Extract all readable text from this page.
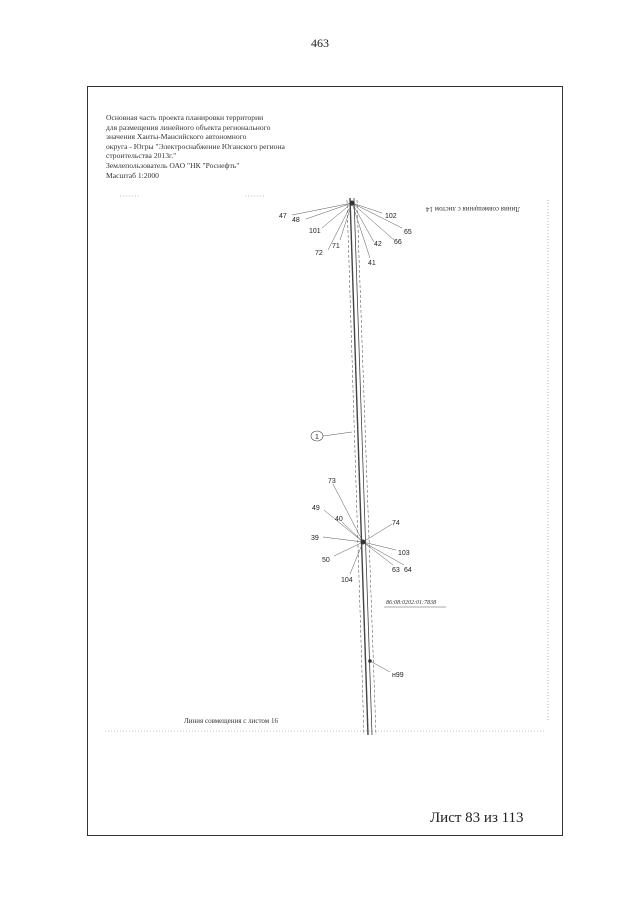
463
Основная часть проекта планировки территории
для размещения линейного объекта регионального
значения Ханты-Мансийского автономного
округа - Югры "Электроснабжение Юганского региона
строительства 2013г."
Землепользователь ОАО "НК "Роснефть"
Масштаб 1:2000
47
48
101
72
71
102
65
66
42
41
Линия совмещения с листом 14
1
73
49
40
39
50
104
74
103
63 64
86:08:0202:01:7838
н99
Линия совмещения с листом 16
Лист 83 из 113
